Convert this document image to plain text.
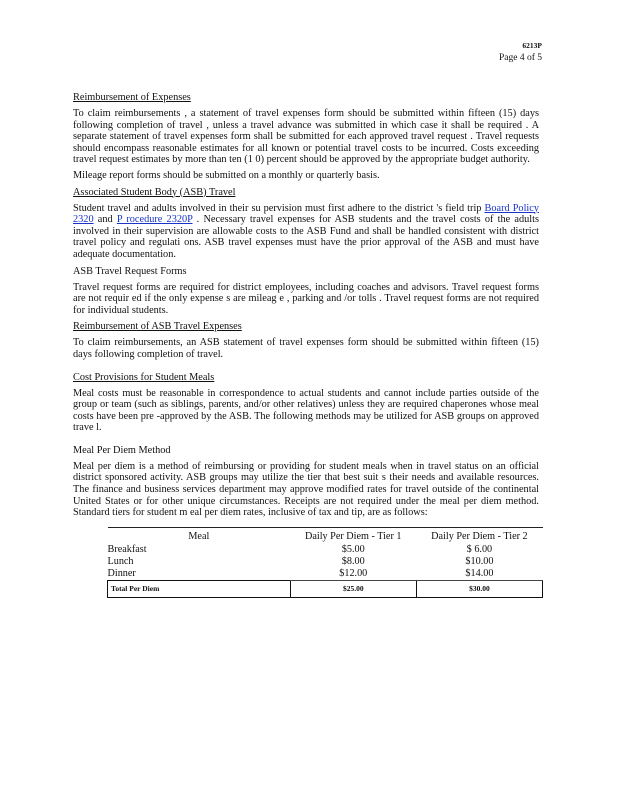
6213P
Page 4 of 5
Reimbursement of Expenses

To claim reimbursements , a statement of travel expenses form should be submitted within fifteen (15) days following completion of travel , unless a travel advance was submitted in which case it shall be required . A separate statement of travel expenses form shall be submitted for each approved travel request . Travel requests should encompass reasonable estimates for all known or potential travel costs to be incurred. Costs exceeding travel request estimates by more than ten (1 0) percent should be approved by the appropriate budget authority.

Mileage report forms should be submitted on a monthly or quarterly basis.

Associated Student Body (ASB) Travel

Student travel and adults involved in their su pervision must first adhere to the district 's field trip Board Policy 2320 and P rocedure 2320P . Necessary travel expenses for ASB students and the travel costs of the adults involved in their supervision are allowable costs to the ASB Fund and shall be handled consistent with district travel policy and regulati ons. ASB travel expenses must have the prior approval of the ASB and must have adequate documentation.

ASB Travel Request Forms

Travel request forms are required for district employees, including coaches and advisors. Travel request forms are not requir ed if the only expense s are mileag e , parking and /or tolls . Travel request forms are not required for individual students.

Reimbursement of ASB Travel Expenses

To claim reimbursements, an ASB statement of travel expenses form should be submitted within fifteen (15) days following completion of travel.

Cost Provisions for Student Meals

Meal costs must be reasonable in correspondence to actual students and cannot include parties outside of the group or team (such as siblings, parents, and/or other relatives) unless they are required chaperones whose meal costs have been pre -approved by the ASB. The following methods may be utilized for ASB groups on approved trave l.

Meal Per Diem Method

Meal per diem is a method of reimbursing or providing for student meals when in travel status on an official district sponsored activity. ASB groups may utilize the tier that best suit s their needs and available resources. The finance and business services department may approve modified rates for travel outside of the continental United States or for other unique circumstances. Receipts are not required under the meal per diem method. Standard tiers for student m eal per diem rates, inclusive of tax and tip, are as follows:

Meal	Daily Per Diem - Tier 1	Daily Per Diem - Tier 2
Breakfast	$5.00	$ 6.00
Lunch	$8.00	$10.00
Dinner	$12.00	$14.00
Total Per Diem	$25.00	$30.00
